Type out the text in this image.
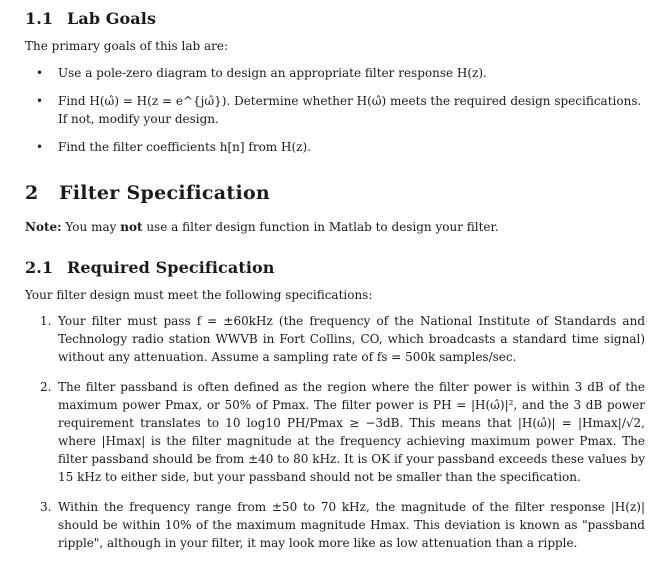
1.1 Lab Goals

The primary goals of this lab are:

•	Use a pole-zero diagram to design an appropriate filter response H(z).
•	Find H(ω̂) = H(z = e^{jω̂}). Determine whether H(ω̂) meets the required design specifications. If not, modify your design.
•	Find the filter coefficients h[n] from H(z).
2 Filter Specification

Note: You may not use a filter design function in Matlab to design your filter.

2.1 Required Specification

Your filter design must meet the following specifications:

1. Your filter must pass f = ±60kHz (the frequency of the National Institute of Standards and Technology radio station WWVB in Fort Collins, CO, which broadcasts a standard time signal) without any attenuation. Assume a sampling rate of fs = 500k samples/sec.
2. The filter passband is often defined as the region where the filter power is within 3 dB of the maximum power Pmax, or 50% of Pmax. The filter power is PH = |H(ω̂)|², and the 3 dB power requirement translates to 10 log10 PH/Pmax ≥ −3dB. This means that |H(ω̂)| = |Hmax|/√2, where |Hmax| is the filter magnitude at the frequency achieving maximum power Pmax. The filter passband should be from ±40 to 80 kHz. It is OK if your passband exceeds these values by 15 kHz to either side, but your passband should not be smaller than the specification.
3. Within the frequency range from ±50 to 70 kHz, the magnitude of the filter response |H(z)| should be within 10% of the maximum magnitude Hmax. This deviation is known as "passband ripple", although in your filter, it may look more like as low attenuation than a ripple.
